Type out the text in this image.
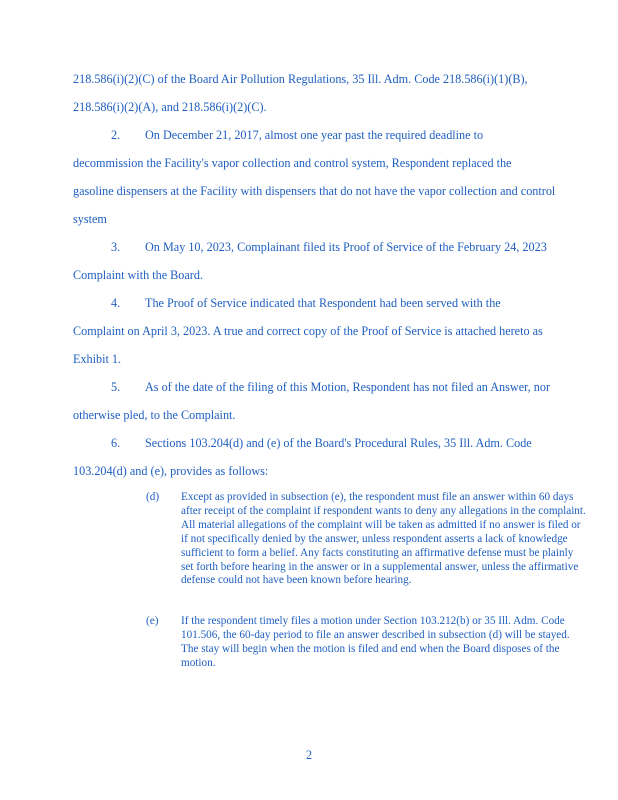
218.586(i)(2)(C) of the Board Air Pollution Regulations, 35 Ill. Adm. Code 218.586(i)(1)(B),
218.586(i)(2)(A), and 218.586(i)(2)(C).
2.	On December 21, 2017, almost one year past the required deadline to
decommission the Facility's vapor collection and control system, Respondent replaced the
gasoline dispensers at the Facility with dispensers that do not have the vapor collection and control
system
3.	On May 10, 2023, Complainant filed its Proof of Service of the February 24, 2023
Complaint with the Board.
4.	The Proof of Service indicated that Respondent had been served with the
Complaint on April 3, 2023. A true and correct copy of the Proof of Service is attached hereto as
Exhibit 1.
5.	As of the date of the filing of this Motion, Respondent has not filed an Answer, nor
otherwise pled, to the Complaint.
6.	Sections 103.204(d) and (e) of the Board's Procedural Rules, 35 Ill. Adm. Code
103.204(d) and (e), provides as follows:
(d) Except as provided in subsection (e), the respondent must file an answer within 60 days after receipt of the complaint if respondent wants to deny any allegations in the complaint. All material allegations of the complaint will be taken as admitted if no answer is filed or if not specifically denied by the answer, unless respondent asserts a lack of knowledge sufficient to form a belief. Any facts constituting an affirmative defense must be plainly set forth before hearing in the answer or in a supplemental answer, unless the affirmative defense could not have been known before hearing.
(e) If the respondent timely files a motion under Section 103.212(b) or 35 Ill. Adm. Code 101.506, the 60-day period to file an answer described in subsection (d) will be stayed. The stay will begin when the motion is filed and end when the Board disposes of the motion.
2
